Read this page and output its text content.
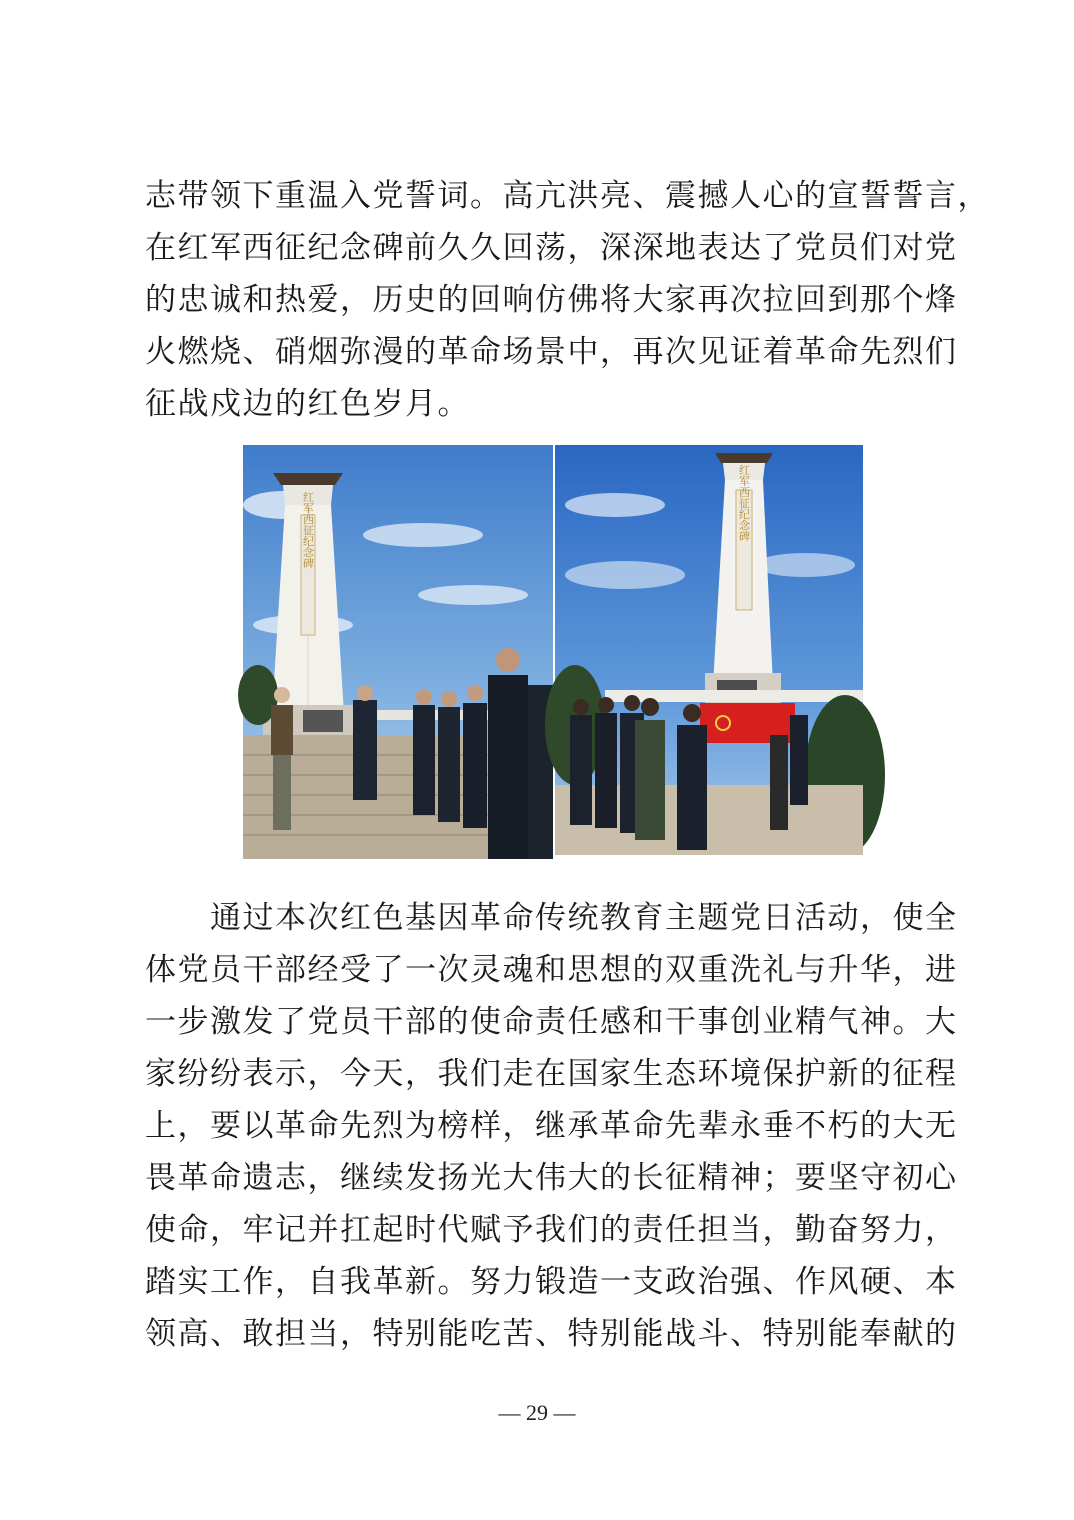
志带领下重温入党誓词。高亢洪亮、震撼人心的宣誓誓言，
在红军西征纪念碑前久久回荡，深深地表达了党员们对党
的忠诚和热爱，历史的回响仿佛将大家再次拉回到那个烽
火燃烧、硝烟弥漫的革命场景中，再次见证着革命先烈们
征战戍边的红色岁月。
红军西征纪念碑	红军西征纪念碑
　　通过本次红色基因革命传统教育主题党日活动，使全
体党员干部经受了一次灵魂和思想的双重洗礼与升华，进
一步激发了党员干部的使命责任感和干事创业精气神。大
家纷纷表示，今天，我们走在国家生态环境保护新的征程
上，要以革命先烈为榜样，继承革命先辈永垂不朽的大无
畏革命遗志，继续发扬光大伟大的长征精神；要坚守初心
使命，牢记并扛起时代赋予我们的责任担当，勤奋努力，
踏实工作，自我革新。努力锻造一支政治强、作风硬、本
领高、敢担当，特别能吃苦、特别能战斗、特别能奉献的
— 29 —
